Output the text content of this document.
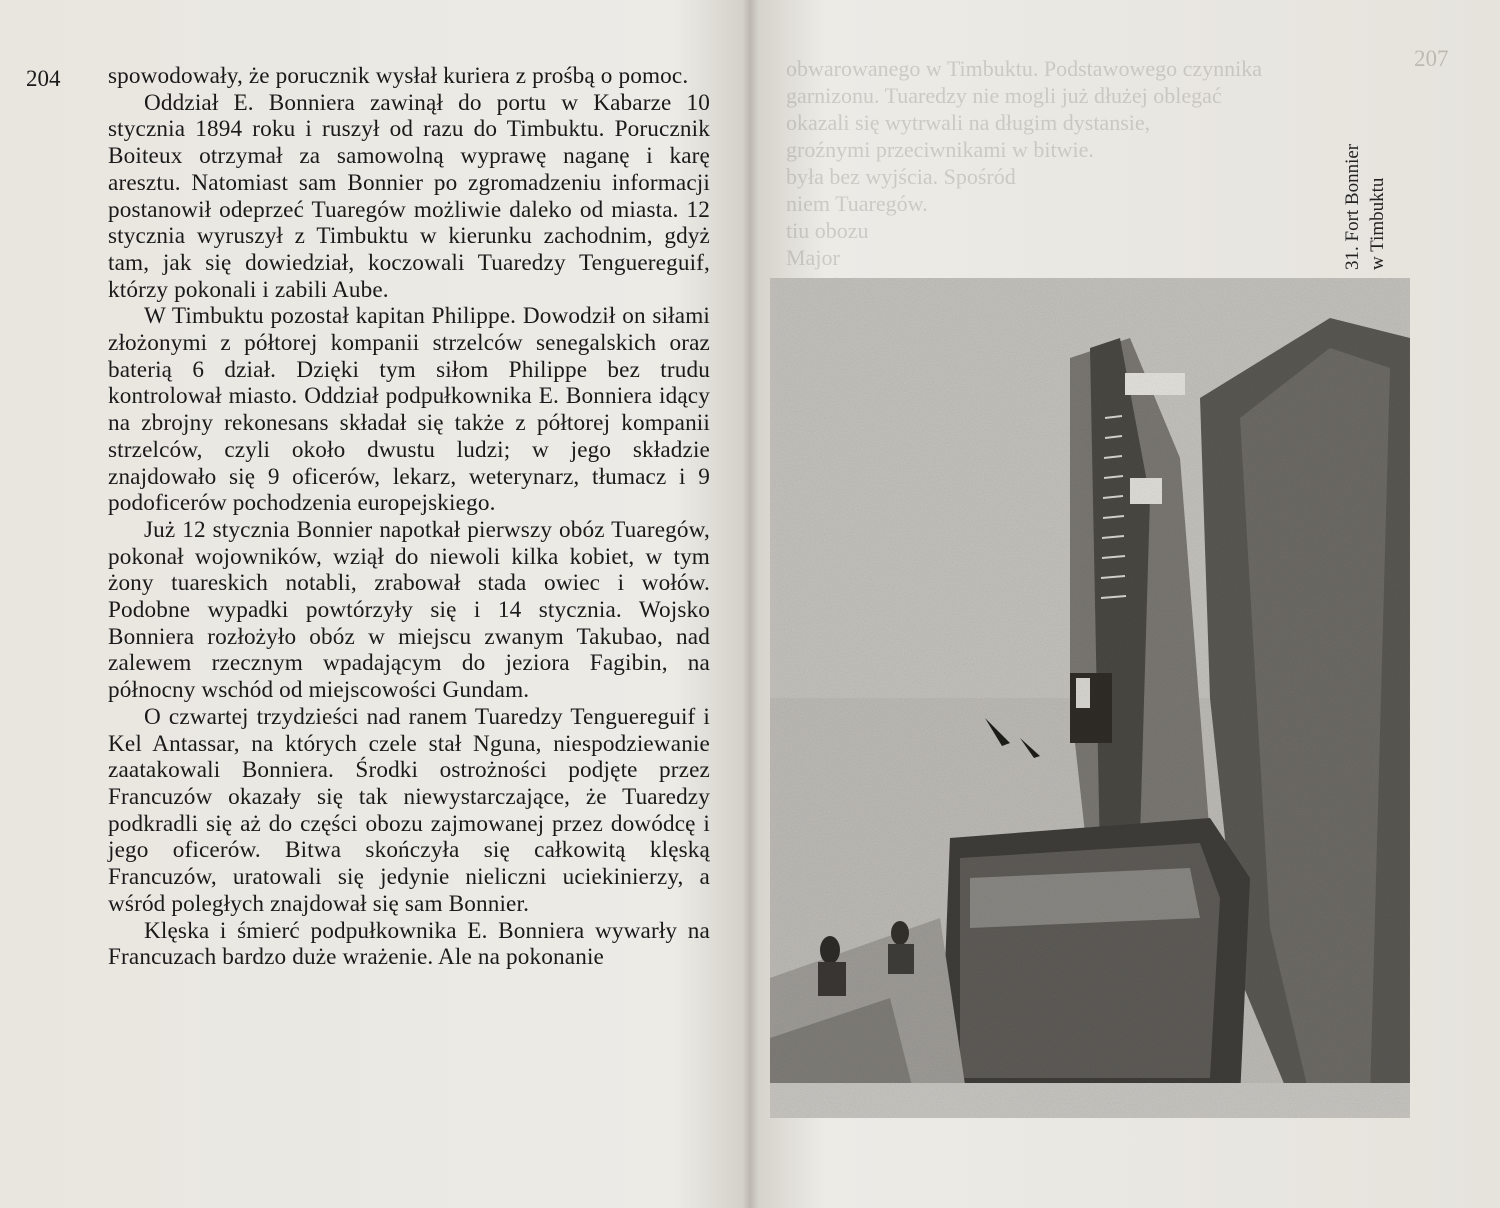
204
207

spowodowały, że porucznik wysłał kuriera z prośbą o pomoc.

Oddział E. Bonniera zawinął do portu w Kabarze 10 stycznia 1894 roku i ruszył od razu do Timbuktu. Porucznik Boiteux otrzymał za samowolną wyprawę naganę i karę aresztu. Natomiast sam Bonnier po zgromadzeniu informacji postanowił odeprzeć Tuaregów możliwie daleko od miasta. 12 stycznia wyruszył z Timbuktu w kierunku zachodnim, gdyż tam, jak się dowiedział, koczowali Tuaredzy Tenguereguif, którzy pokonali i zabili Aube.

W Timbuktu pozostał kapitan Philippe. Dowodził on siłami złożonymi z półtorej kompanii strzelców senegalskich oraz baterią 6 dział. Dzięki tym siłom Philippe bez trudu kontrolował miasto. Oddział podpułkownika E. Bonniera idący na zbrojny rekonesans składał się także z półtorej kompanii strzelców, czyli około dwustu ludzi; w jego składzie znajdowało się 9 oficerów, lekarz, weterynarz, tłumacz i 9 podoficerów pochodzenia europejskiego.

Już 12 stycznia Bonnier napotkał pierwszy obóz Tuaregów, pokonał wojowników, wziął do niewoli kilka kobiet, w tym żony tuareskich notabli, zrabował stada owiec i wołów. Podobne wypadki powtórzyły się i 14 stycznia. Wojsko Bonniera rozłożyło obóz w miejscu zwanym Takubao, nad zalewem rzecznym wpadającym do jeziora Fagibin, na północny wschód od miejscowości Gundam.

O czwartej trzydzieści nad ranem Tuaredzy Tenguereguif i Kel Antassar, na których czele stał Nguna, niespodziewanie zaatakowali Bonniera. Środki ostrożności podjęte przez Francuzów okazały się tak niewystarczające, że Tuaredzy podkradli się aż do części obozu zajmowanej przez dowódcę i jego oficerów. Bitwa skończyła się całkowitą klęską Francuzów, uratowali się jedynie nieliczni uciekinierzy, a wśród poległych znajdował się sam Bonnier.

Klęska i śmierć podpułkownika E. Bonniera wywarły na Francuzach bardzo duże wrażenie. Ale na pokonanie

obwarowanego w Timbuktu. Podstawowego czynnika
garnizonu. Tuaredzy nie mogli już dłużej oblegać
okazali się wytrwali na długim dystansie,
groźnymi przeciwnikami w bitwie.
była bez wyjścia. Spośród
niem Tuaregów.
tiu obozu
Major	31. Fort Bonnier w Timbuktu
